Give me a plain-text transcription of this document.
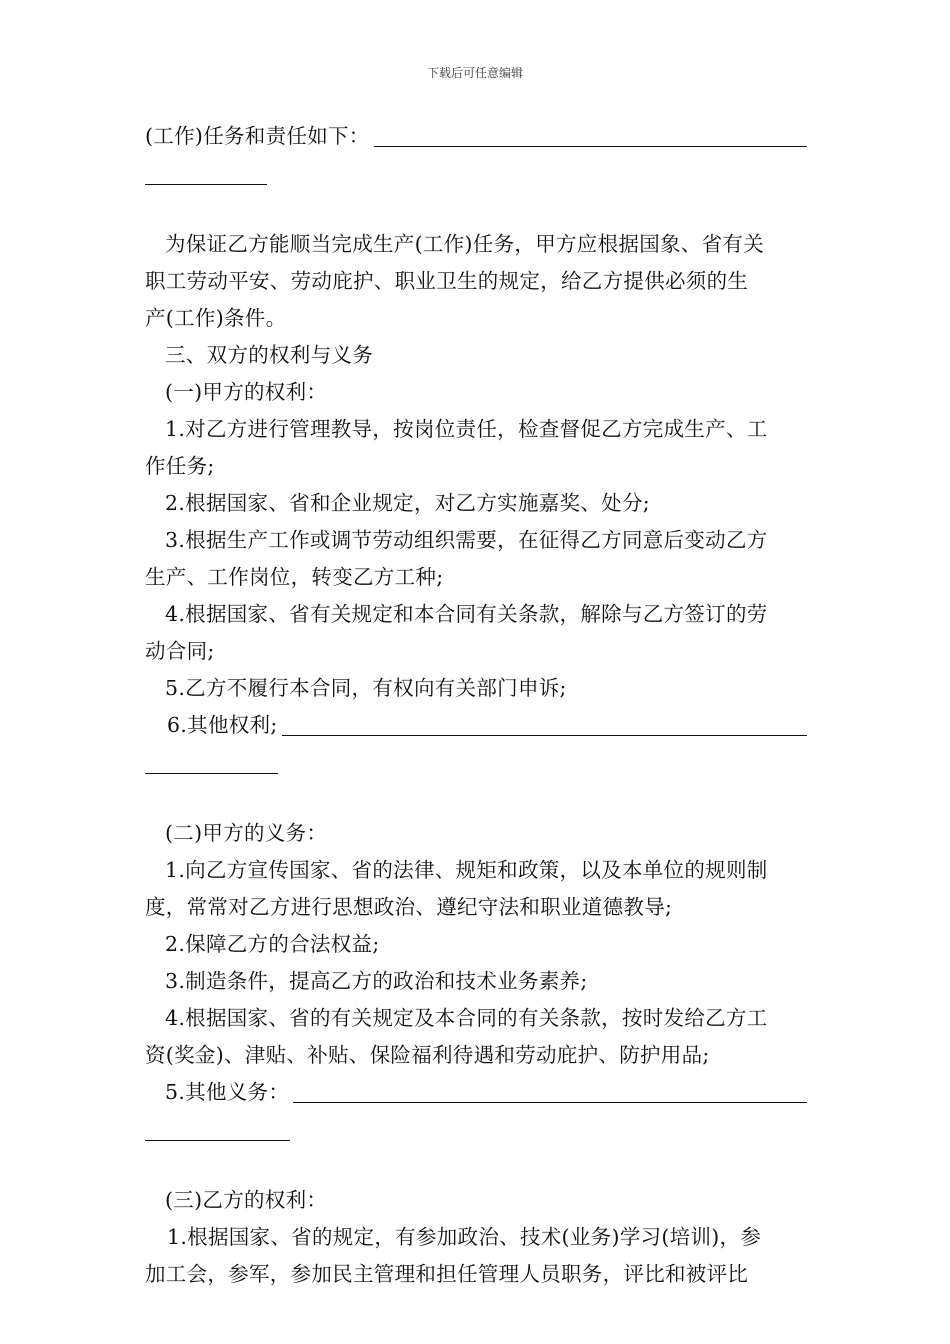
下载后可任意编辑
(工作)任务和责任如下：
为保证乙方能顺当完成生产(工作)任务，甲方应根据国象、省有关
职工劳动平安、劳动庇护、职业卫生的规定，给乙方提供必须的生
产(工作)条件。
三、双方的权利与义务
(一)甲方的权利：
1.对乙方进行管理教导，按岗位责任，检查督促乙方完成生产、工
作任务;
2.根据国家、省和企业规定，对乙方实施嘉奖、处分;
3.根据生产工作或调节劳动组织需要，在征得乙方同意后变动乙方
生产、工作岗位，转变乙方工种;
4.根据国家、省有关规定和本合同有关条款，解除与乙方签订的劳
动合同;
5.乙方不履行本合同，有权向有关部门申诉;
6.其他权利;
(二)甲方的义务：
1.向乙方宣传国家、省的法律、规矩和政策，以及本单位的规则制
度，常常对乙方进行思想政治、遵纪守法和职业道德教导;
2.保障乙方的合法权益;
3.制造条件，提高乙方的政治和技术业务素养;
4.根据国家、省的有关规定及本合同的有关条款，按时发给乙方工
资(奖金)、津贴、补贴、保险福利待遇和劳动庇护、防护用品;
5.其他义务：
(三)乙方的权利：
1.根据国家、省的规定，有参加政治、技术(业务)学习(培训)，参
加工会，参军，参加民主管理和担任管理人员职务，评比和被评比
